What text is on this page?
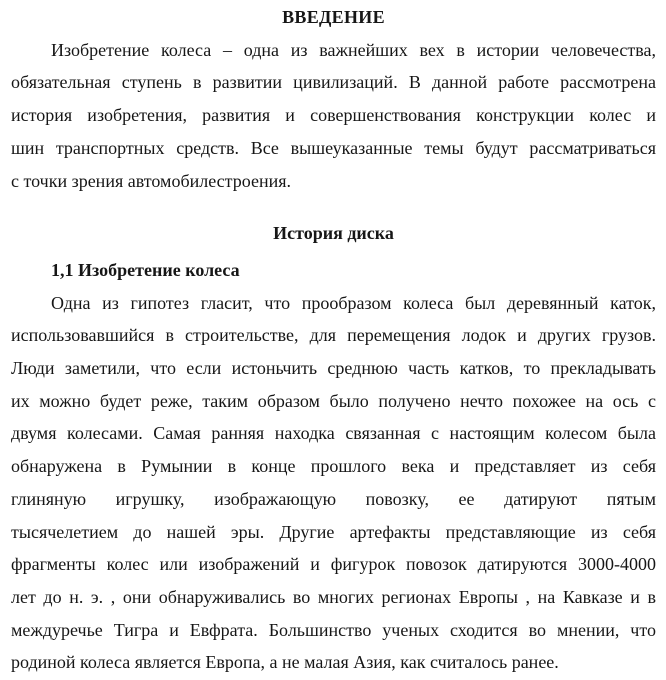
ВВЕДЕНИЕ
Изобретение колеса – одна из важнейших вех в истории человечества,
обязательная ступень в развитии цивилизаций. В данной работе рассмотрена
история изобретения, развития и совершенствования конструкции колес и
шин транспортных средств. Все вышеуказанные темы будут рассматриваться
с точки зрения автомобилестроения.
История диска
1,1 Изобретение колеса
Одна из гипотез гласит, что прообразом колеса был деревянный каток,
использовавшийся в строительстве, для перемещения лодок и других грузов.
Люди заметили, что если истоньчить среднюю часть катков, то прекладывать
их можно будет реже, таким образом было получено нечто похожее на ось с
двумя колесами. Самая ранняя находка связанная с настоящим колесом была
обнаружена в Румынии в конце прошлого века и представляет из себя
глиняную игрушку, изображающую повозку, ее датируют пятым
тысячелетием до нашей эры. Другие артефакты представляющие из себя
фрагменты колес или изображений и фигурок повозок датируются 3000-4000
лет до н. э. , они обнаруживались во многих регионах Европы , на Кавказе и в
междуречье Тигра и Евфрата. Большинство ученых сходится во мнении, что
родиной колеса является Европа, а не малая Азия, как считалось ранее.
